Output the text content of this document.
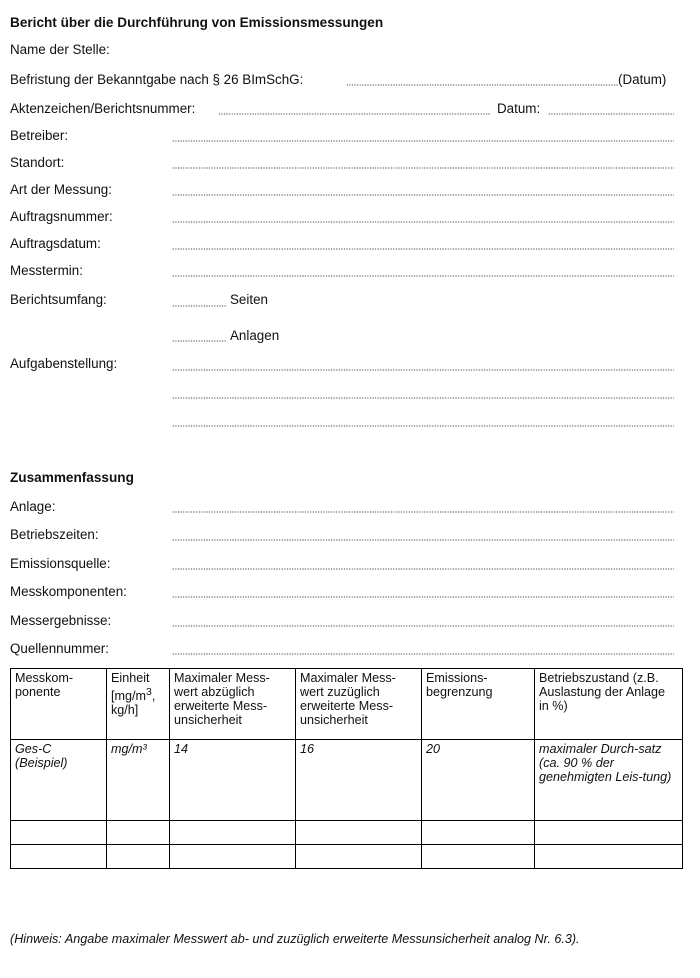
Bericht über die Durchführung von Emissionsmessungen
Name der Stelle:
Befristung der Bekanntgabe nach § 26 BImSchG:	(Datum)
Aktenzeichen/Berichtsnummer:	Datum:
Betreiber:
Standort:
Art der Messung:
Auftragsnummer:
Auftragsdatum:
Messtermin:
Berichtsumfang:	Seiten
Anlagen
Aufgabenstellung:
Zusammenfassung
Anlage:
Betriebszeiten:
Emissionsquelle:
Messkomponenten:
Messergebnisse:
Quellennummer:
Messkom-ponente	Einheit [$mg/m^3$, kg/h]	Maximaler Mess-wert abzüglich erweiterte Mess-unsicherheit	Maximaler Mess-wert zuzüglich erweiterte Mess-unsicherheit	Emissions-begrenzung	Betriebszustand (z.B. Auslastung der Anlage in %)
Ges-C (Beispiel)	mg/m³	14	16	20	maximaler Durch-satz (ca. 90 % der genehmigten Leis-tung)

(Hinweis: Angabe maximaler Messwert ab- und zuzüglich erweiterte Messunsicherheit analog Nr. 6.3).
